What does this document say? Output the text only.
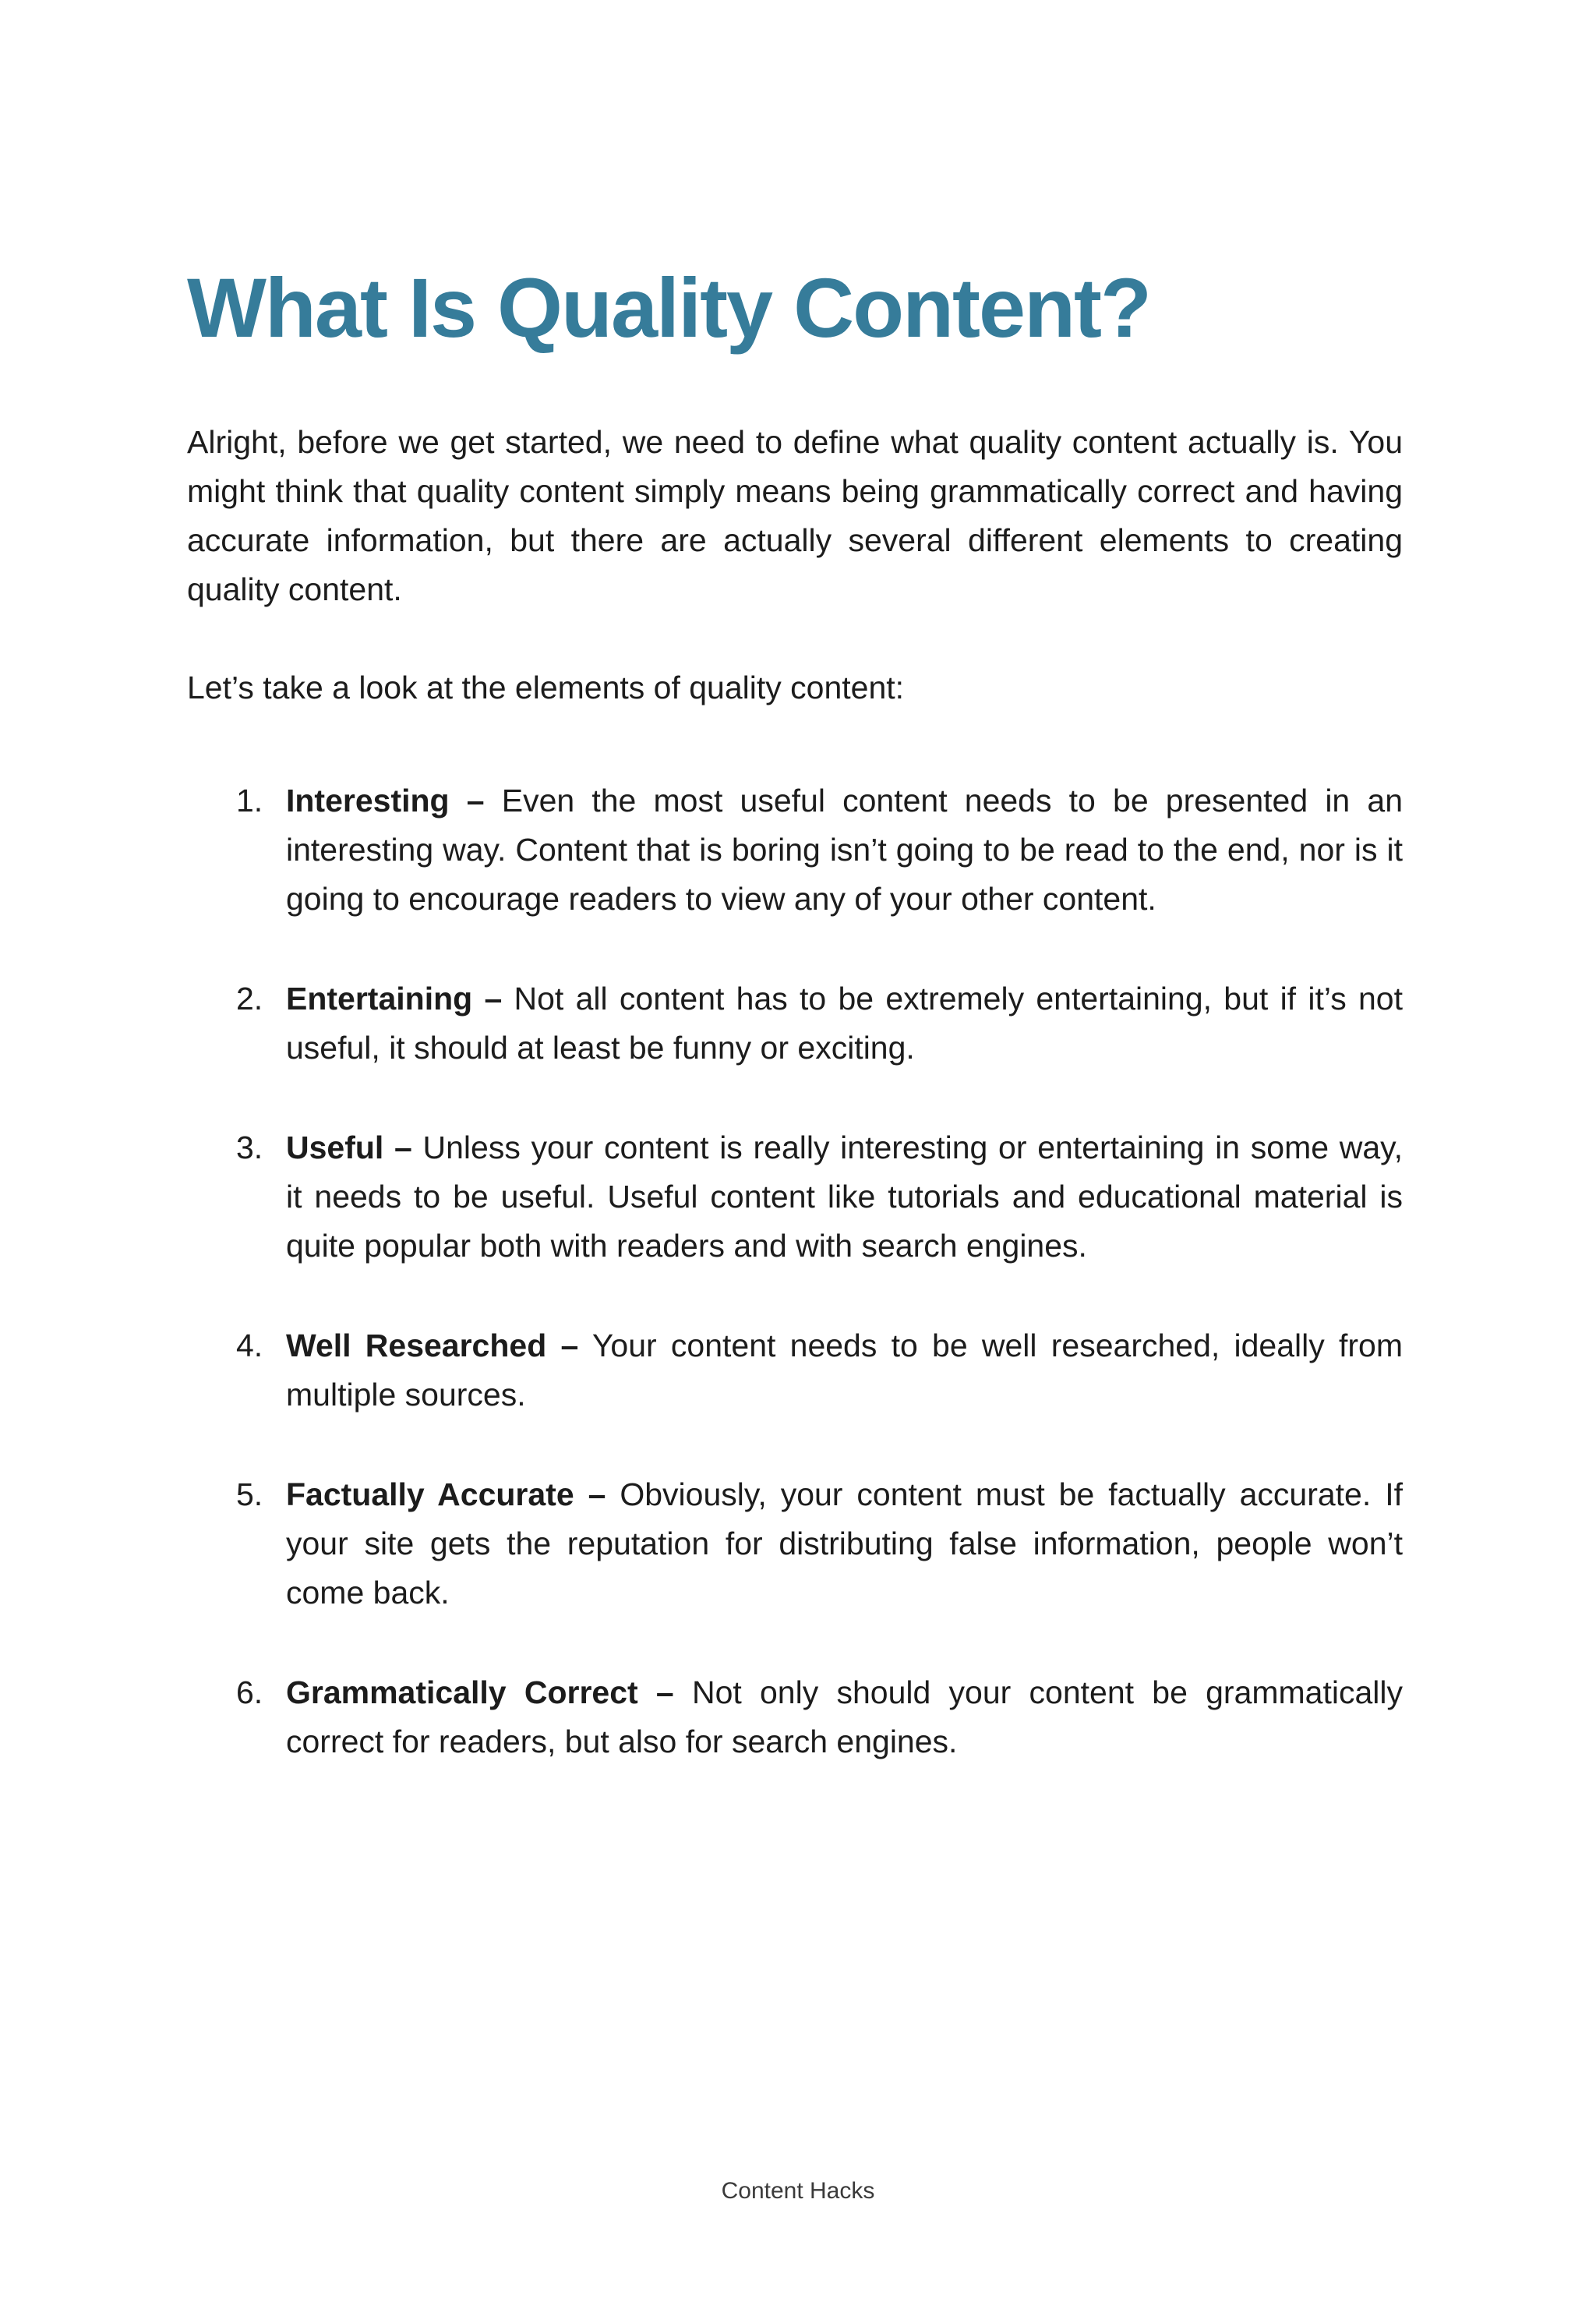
What Is Quality Content?

Alright, before we get started, we need to define what quality content actually is. You might think that quality content simply means being grammatically correct and having accurate information, but there are actually several different elements to creating quality content.

Let’s take a look at the elements of quality content:

1. Interesting – Even the most useful content needs to be presented in an interesting way. Content that is boring isn’t going to be read to the end, nor is it going to encourage readers to view any of your other content.
2. Entertaining – Not all content has to be extremely entertaining, but if it’s not useful, it should at least be funny or exciting.
3. Useful – Unless your content is really interesting or entertaining in some way, it needs to be useful. Useful content like tutorials and educational material is quite popular both with readers and with search engines.
4. Well Researched – Your content needs to be well researched, ideally from multiple sources.
5. Factually Accurate – Obviously, your content must be factually accurate. If your site gets the reputation for distributing false information, people won’t come back.
6. Grammatically Correct – Not only should your content be grammatically correct for readers, but also for search engines.
Content Hacks
